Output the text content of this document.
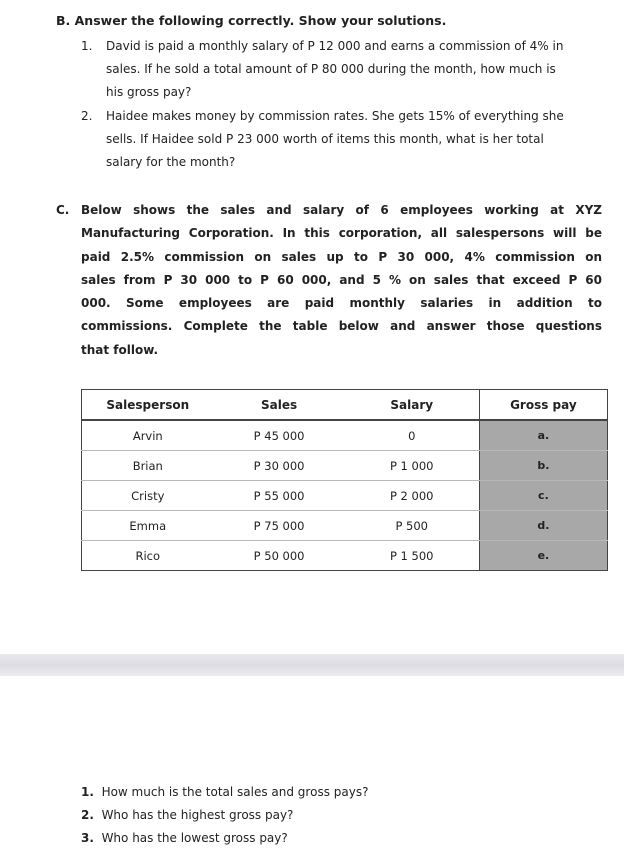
B. Answer the following correctly. Show your solutions.
1. David is paid a monthly salary of P 12 000 and earns a commission of 4% in
sales. If he sold a total amount of P 80 000 during the month, how much is
his gross pay?
2. Haidee makes money by commission rates. She gets 15% of everything she
sells. If Haidee sold P 23 000 worth of items this month, what is her total
salary for the month?
C. Below shows the sales and salary of 6 employees working at XYZ
Manufacturing Corporation. In this corporation, all salespersons will be
paid 2.5% commission on sales up to P 30 000, 4% commission on
sales from P 30 000 to P 60 000, and 5 % on sales that exceed P 60
000. Some employees are paid monthly salaries in addition to
commissions. Complete the table below and answer those questions
that follow.
Salesperson	Sales	Salary	Gross pay
Arvin	P 45 000	0	a.
Brian	P 30 000	P 1 000	b.
Cristy	P 55 000	P 2 000	c.
Emma	P 75 000	P 500	d.
Rico	P 50 000	P 1 500	e.
1. How much is the total sales and gross pays?
2. Who has the highest gross pay?
3. Who has the lowest gross pay?
